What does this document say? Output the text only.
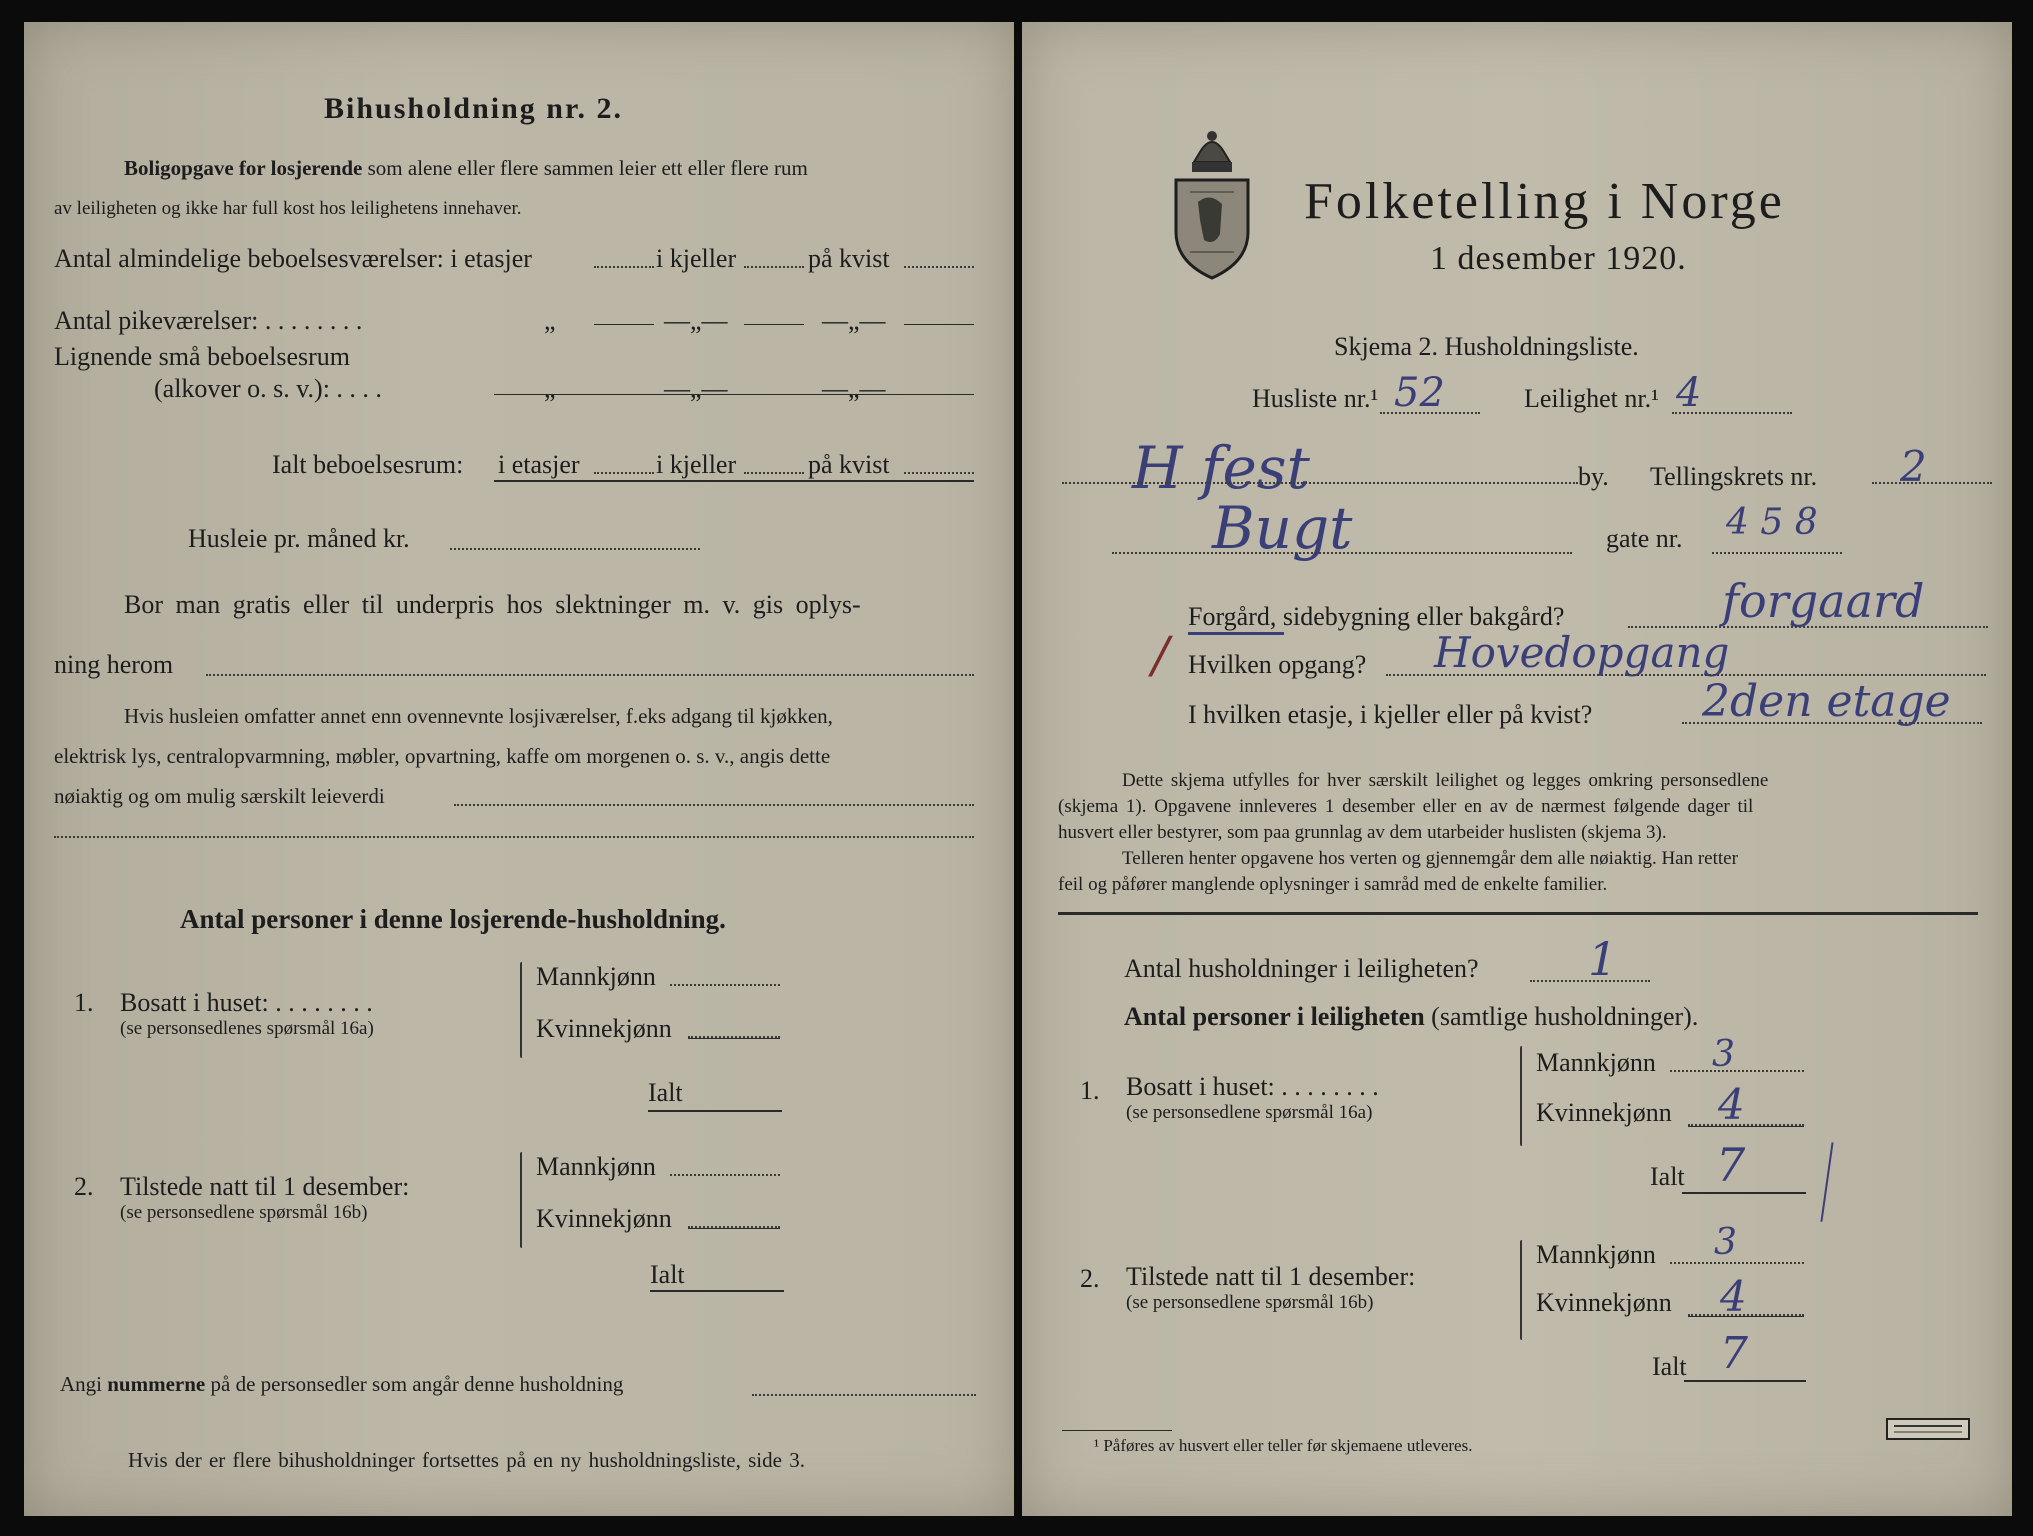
Bihusholdning nr. 2.
Boligopgave for losjerende som alene eller flere sammen leier ett eller flere rum
av leiligheten og ikke har full kost hos leilighetens innehaver.
Antal almindelige beboelsesværelser: i etasjer	i kjeller	på kvist
Antal pikeværelser: . . . . . . . .	„	—„—	—„—
Lignende små beboelsesrum
(alkover o. s. v.): . . . .	„	—„—	—„—
Ialt beboelsesrum: i etasjer	i kjeller	på kvist
Husleie pr. måned kr.
Bor man gratis eller til underpris hos slektninger m. v. gis oplys-
ning herom
Hvis husleien omfatter annet enn ovennevnte losjiværelser, f.eks adgang til kjøkken,
elektrisk lys, centralopvarmning, møbler, opvartning, kaffe om morgenen o. s. v., angis dette
nøiaktig og om mulig særskilt leieverdi
Antal personer i denne losjerende-husholdning.
1. Bosatt i huset: . . . . . . . .
(se personsedlenes spørsmål 16a)
Mannkjønn
Kvinnekjønn
Ialt
2. Tilstede natt til 1 desember:
(se personsedlene spørsmål 16b)
Mannkjønn
Kvinnekjønn
Ialt
Angi nummerne på de personsedler som angår denne husholdning
Hvis der er flere bihusholdninger fortsettes på en ny husholdningsliste, side 3.
Folketelling i Norge
1 desember 1920.
Skjema 2. Husholdningsliste.
Husliste nr.¹ 52	Leilighet nr.¹ 4
H fest	by. Tellingskrets nr. 2
Bugt	gate nr. 4 5 8
Forgård, sidebygning eller bakgård?	forgaard
/ Hvilken opgang? Hovedopgang
I hvilken etasje, i kjeller eller på kvist? 2den etage
Dette skjema utfylles for hver særskilt leilighet og legges omkring personsedlene
(skjema 1). Opgavene innleveres 1 desember eller en av de nærmest følgende dager til
husvert eller bestyrer, som paa grunnlag av dem utarbeider huslisten (skjema 3).
Telleren henter opgavene hos verten og gjennemgår dem alle nøiaktig. Han retter
feil og påfører manglende oplysninger i samråd med de enkelte familier.
Antal husholdninger i leiligheten? 1
Antal personer i leiligheten (samtlige husholdninger).
1. Bosatt i huset: . . . . . . . .
(se personsedlene spørsmål 16a)
Mannkjønn 3
Kvinnekjønn 4
Ialt 7
2. Tilstede natt til 1 desember:
(se personsedlene spørsmål 16b)
Mannkjønn 3
Kvinnekjønn 4
Ialt 7
¹ Påføres av husvert eller teller før skjemaene utleveres.
